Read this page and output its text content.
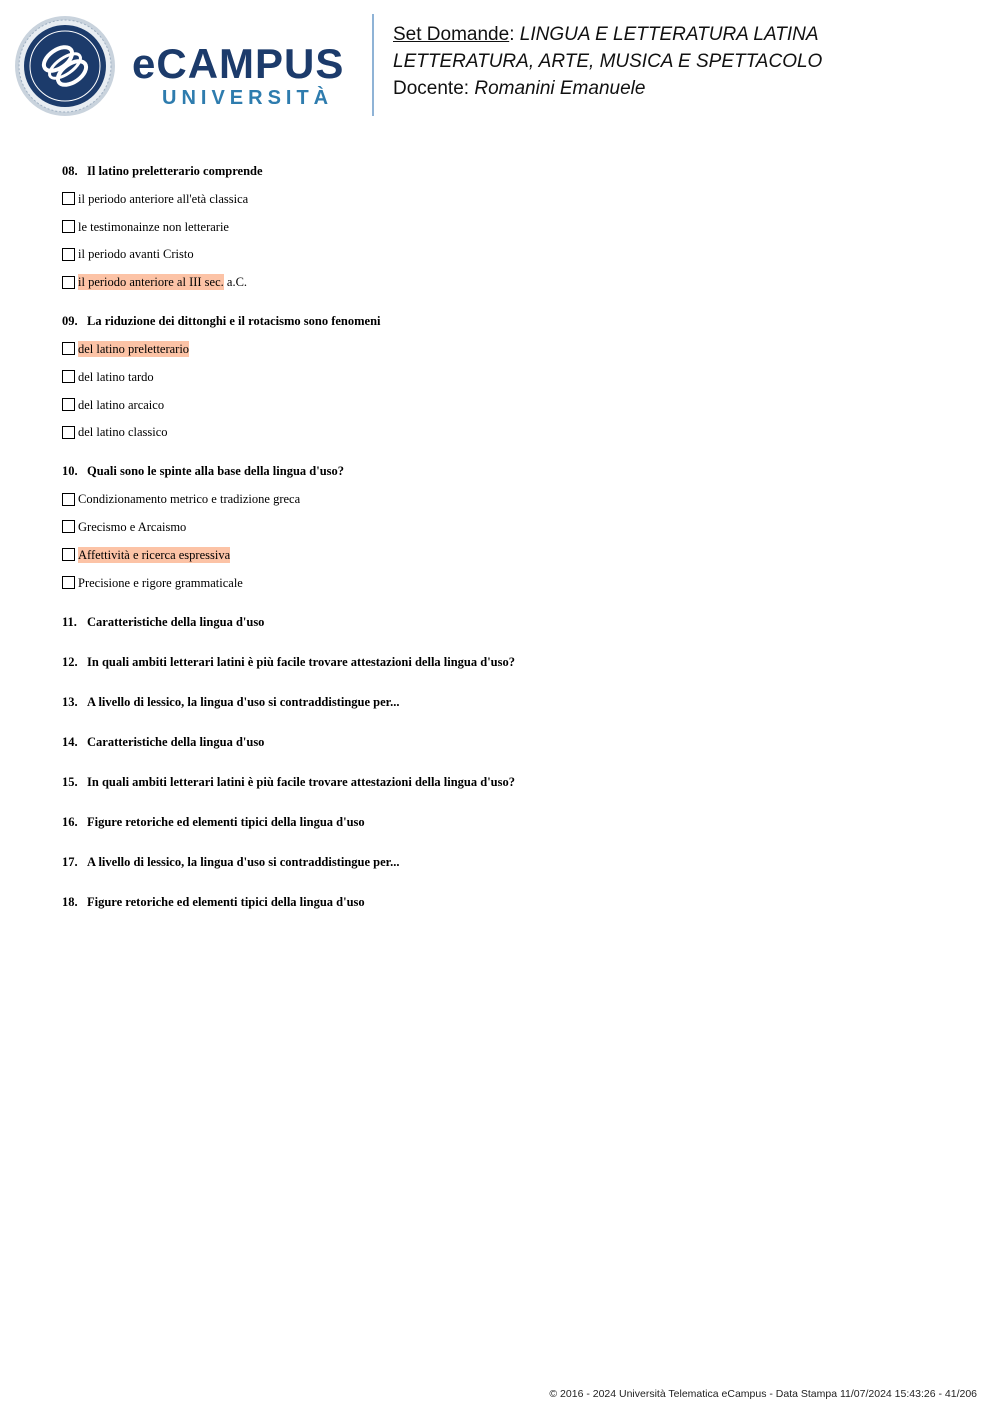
eCAMPUS
UNIVERSITÀ
Set Domande: LINGUA E LETTERATURA LATINA
LETTERATURA, ARTE, MUSICA E SPETTACOLO
Docente: Romanini Emanuele
08. Il latino preletterario comprende
il periodo anteriore all'età classica
le testimonainze non letterarie
il periodo avanti Cristo
il periodo anteriore al III sec. a.C.
09. La riduzione dei dittonghi e il rotacismo sono fenomeni
del latino preletterario
del latino tardo
del latino arcaico
del latino classico
10. Quali sono le spinte alla base della lingua d'uso?
Condizionamento metrico e tradizione greca
Grecismo e Arcaismo
Affettività e ricerca espressiva
Precisione e rigore grammaticale
11. Caratteristiche della lingua d'uso
12. In quali ambiti letterari latini è più facile trovare attestazioni della lingua d'uso?
13. A livello di lessico, la lingua d'uso si contraddistingue per...
14. Caratteristiche della lingua d'uso
15. In quali ambiti letterari latini è più facile trovare attestazioni della lingua d'uso?
16. Figure retoriche ed elementi tipici della lingua d'uso
17. A livello di lessico, la lingua d'uso si contraddistingue per...
18. Figure retoriche ed elementi tipici della lingua d'uso
© 2016 - 2024 Università Telematica eCampus - Data Stampa 11/07/2024 15:43:26 - 41/206
